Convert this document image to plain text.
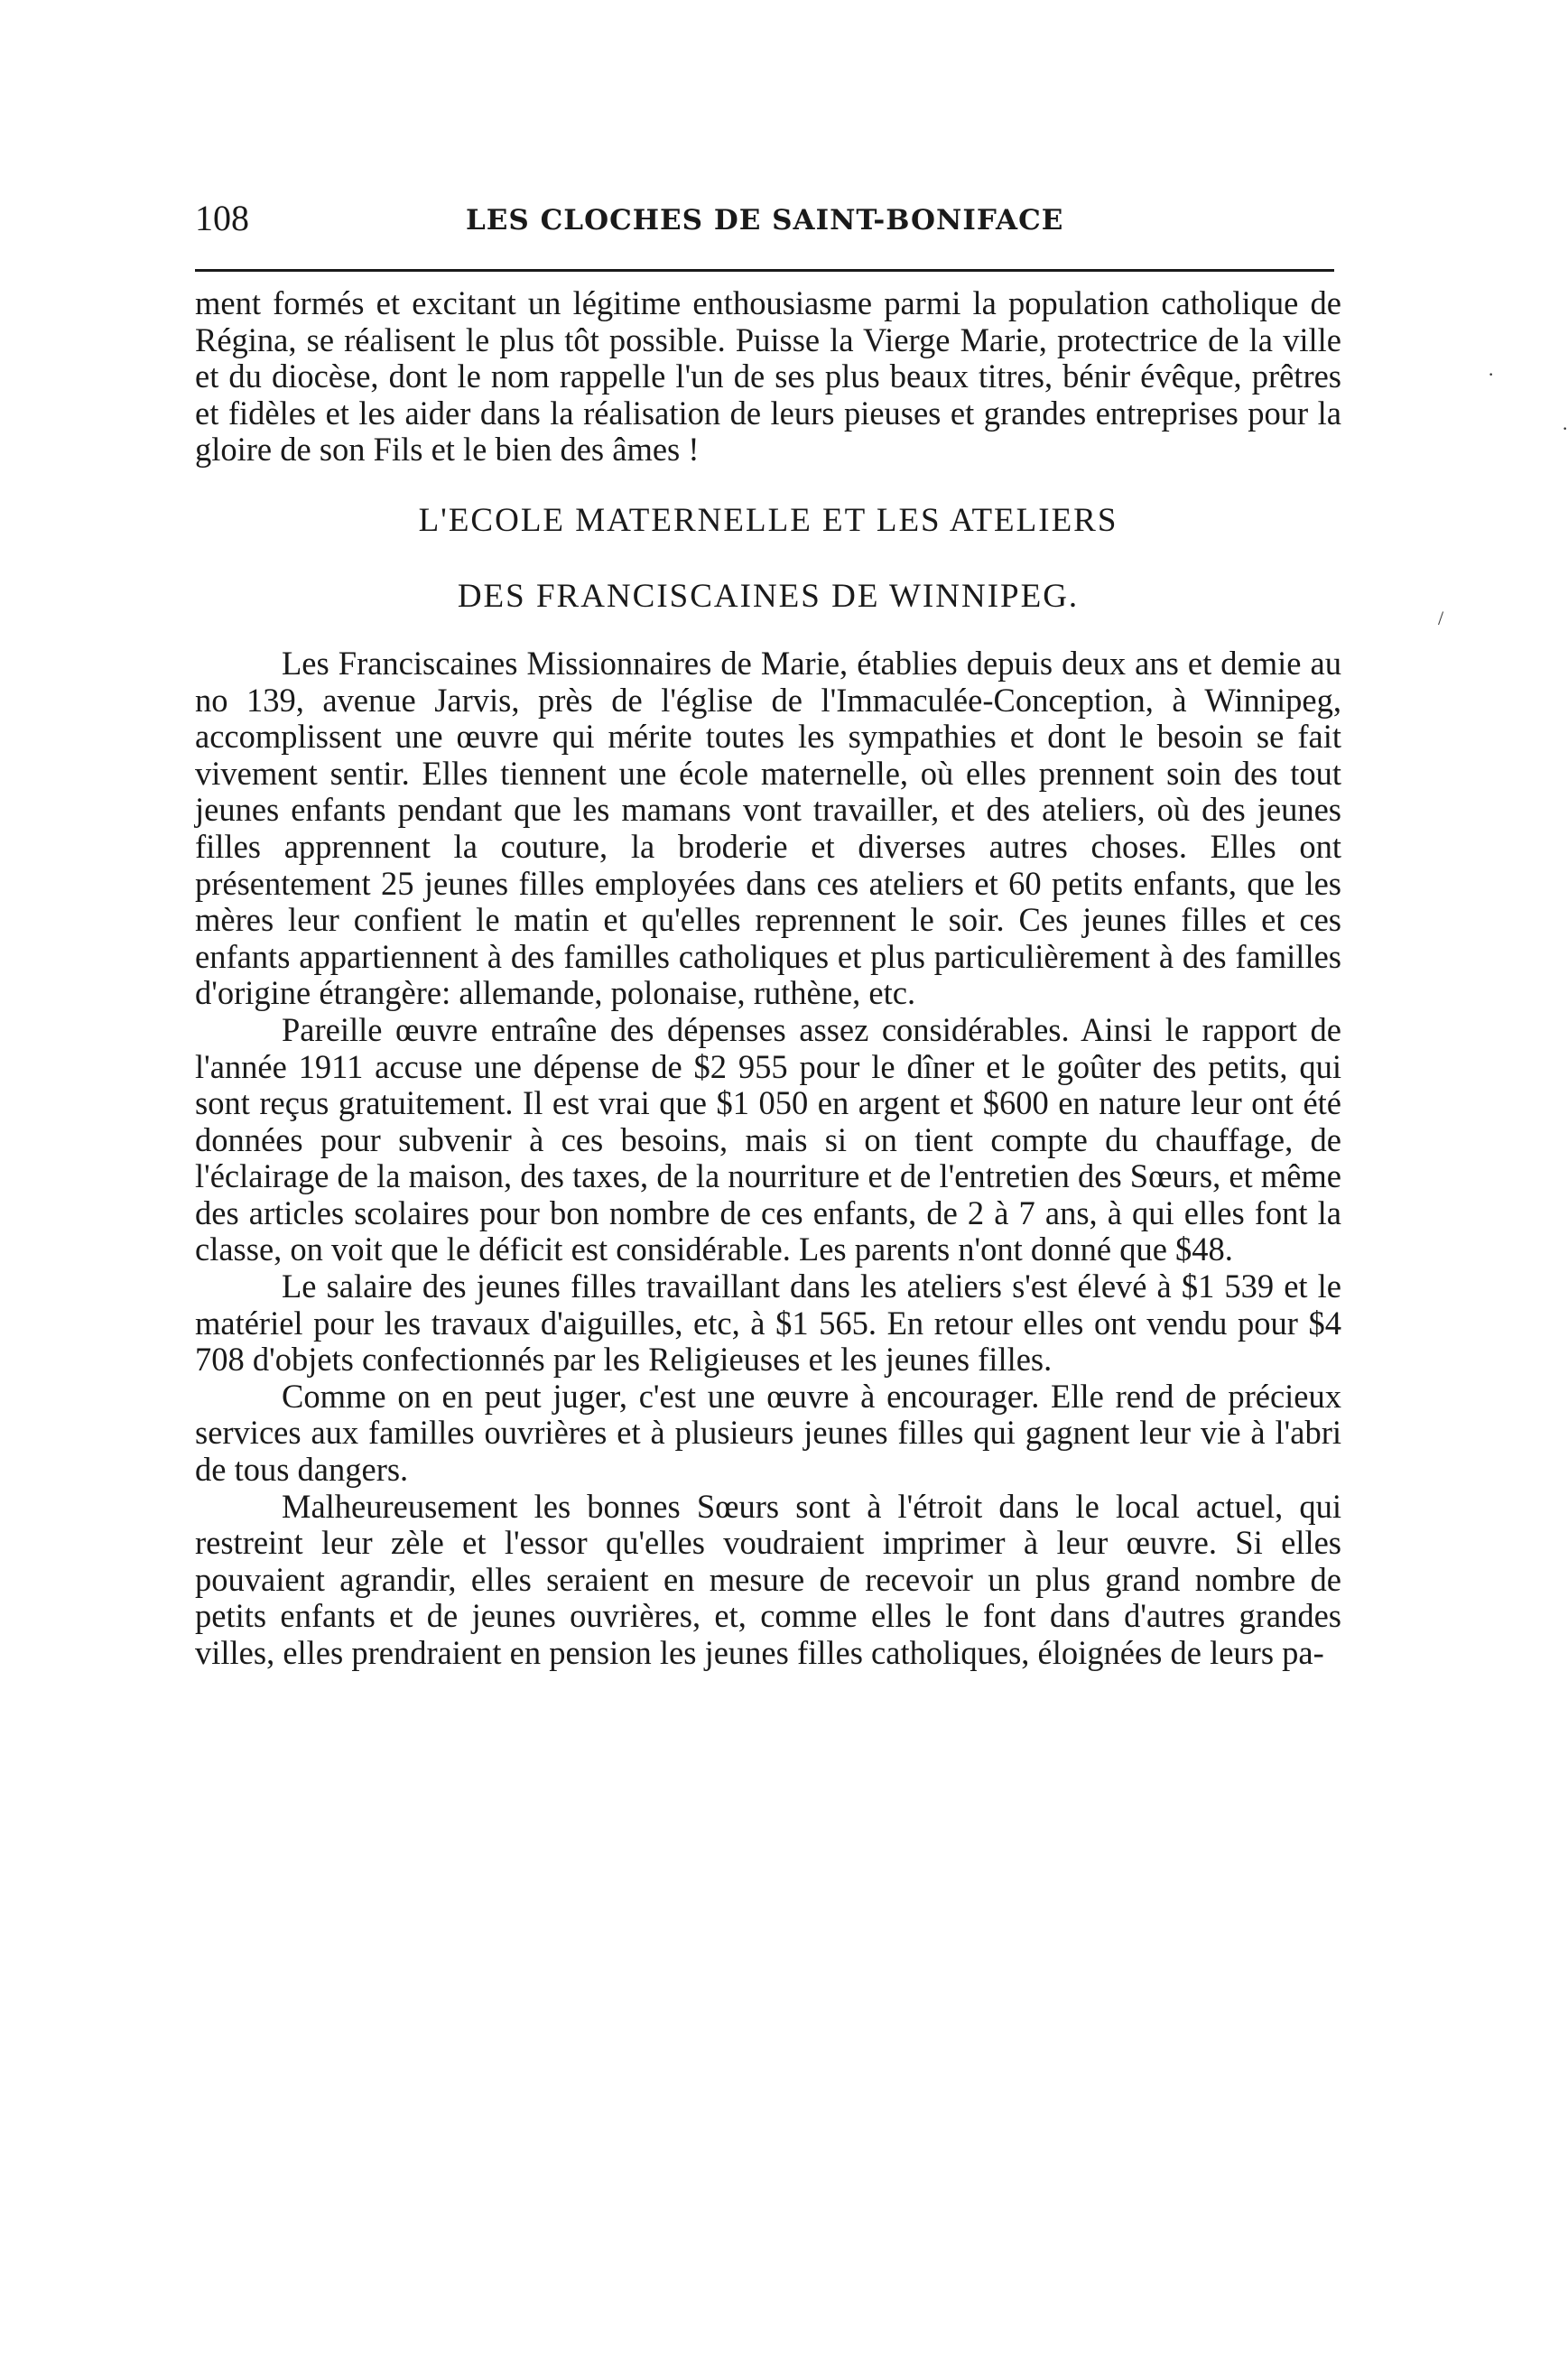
108	LES CLOCHES DE SAINT-BONIFACE

ment formés et excitant un légitime enthousiasme parmi la population catholique de Régina, se réalisent le plus tôt possible. Puisse la Vierge Marie, protectrice de la ville et du diocèse, dont le nom rappelle l'un de ses plus beaux titres, bénir évêque, prêtres et fidèles et les aider dans la réalisation de leurs pieuses et grandes entreprises pour la gloire de son Fils et le bien des âmes !

L'ECOLE MATERNELLE ET LES ATELIERS

DES FRANCISCAINES DE WINNIPEG.

Les Franciscaines Missionnaires de Marie, établies depuis deux ans et demie au no 139, avenue Jarvis, près de l'église de l'Immaculée-Conception, à Winnipeg, accomplissent une œuvre qui mérite toutes les sympathies et dont le besoin se fait vivement sentir. Elles tiennent une école maternelle, où elles prennent soin des tout jeunes enfants pendant que les mamans vont travailler, et des ateliers, où des jeunes filles apprennent la couture, la broderie et diverses autres choses. Elles ont présentement 25 jeunes filles employées dans ces ateliers et 60 petits enfants, que les mères leur confient le matin et qu'elles reprennent le soir. Ces jeunes filles et ces enfants appartiennent à des familles catholiques et plus particulièrement à des familles d'origine étrangère: allemande, polonaise, ruthène, etc.

Pareille œuvre entraîne des dépenses assez considérables. Ainsi le rapport de l'année 1911 accuse une dépense de $2 955 pour le dîner et le goûter des petits, qui sont reçus gratuitement. Il est vrai que $1 050 en argent et $600 en nature leur ont été données pour subvenir à ces besoins, mais si on tient compte du chauffage, de l'éclairage de la maison, des taxes, de la nourriture et de l'entretien des Sœurs, et même des articles scolaires pour bon nombre de ces enfants, de 2 à 7 ans, à qui elles font la classe, on voit que le déficit est considérable. Les parents n'ont donné que $48.

Le salaire des jeunes filles travaillant dans les ateliers s'est élevé à $1 539 et le matériel pour les travaux d'aiguilles, etc, à $1 565. En retour elles ont vendu pour $4 708 d'objets confectionnés par les Religieuses et les jeunes filles.

Comme on en peut juger, c'est une œuvre à encourager. Elle rend de précieux services aux familles ouvrières et à plusieurs jeunes filles qui gagnent leur vie à l'abri de tous dangers.

Malheureusement les bonnes Sœurs sont à l'étroit dans le local actuel, qui restreint leur zèle et l'essor qu'elles voudraient imprimer à leur œuvre. Si elles pouvaient agrandir, elles seraient en mesure de recevoir un plus grand nombre de petits enfants et de jeunes ouvrières, et, comme elles le font dans d'autres grandes villes, elles prendraient en pension les jeunes filles catholiques, éloignées de leurs pa-

·
·
/
